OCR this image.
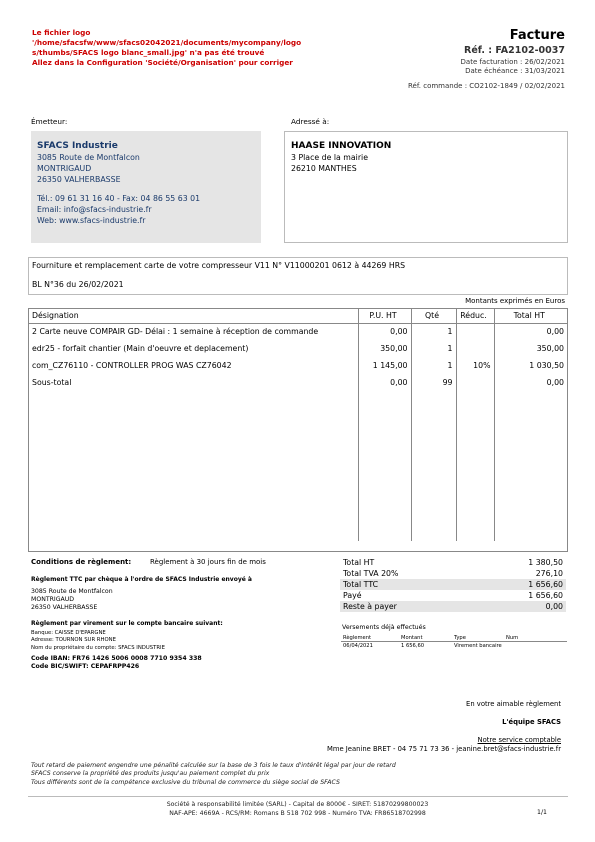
Le fichier logo '/home/sfacsfw/www/sfacs02042021/documents/mycompany/logo
s/thumbs/SFACS logo blanc_small.jpg' n'a pas été trouvé
Allez dans la Configuration 'Société/Organisation' pour corriger
Facture
Réf. : FA2102-0037
Date facturation : 26/02/2021
Date échéance : 31/03/2021
Réf. commande : CO2102-1849 / 02/02/2021
Émetteur:	Adressé à:
SFACS Industrie
3085 Route de Montfalcon
MONTRIGAUD
26350 VALHERBASSE
Tél.: 09 61 31 16 40 - Fax: 04 86 55 63 01
Email: info@sfacs-industrie.fr
Web: www.sfacs-industrie.fr
HAASE INNOVATION
3 Place de la mairie
26210 MANTHES
Fourniture et remplacement carte de votre compresseur V11 N° V11000201 0612 à 44269 HRS
BL N°36 du 26/02/2021
Montants exprimés en Euros
Désignation	P.U. HT	Qté	Réduc.	Total HT
2 Carte neuve COMPAIR GD- Délai : 1 semaine à réception de commande	0,00	1		0,00
edr25 - forfait chantier (Main d'oeuvre et deplacement)	350,00	1		350,00
com_CZ76110 - CONTROLLER PROG WAS CZ76042	1 145,00	1	10%	1 030,50
Sous-total	0,00	99		0,00

Conditions de règlement:	Règlement à 30 jours fin de mois
Règlement TTC par chèque à l'ordre de SFACS Industrie envoyé à
3085 Route de Montfalcon
MONTRIGAUD
26350 VALHERBASSE
Règlement par virement sur le compte bancaire suivant:
Banque: CAISSE D'EPARGNE
Adresse: TOURNON SUR RHONE
Nom du propriétaire du compte: SFACS INDUSTRIE
Code IBAN: FR76 1426 5006 0008 7710 9354 338
Code BIC/SWIFT: CEPAFRPP426
Total HT	1 380,50
Total TVA 20%	276,10
Total TTC	1 656,60
Payé	1 656,60
Reste à payer	0,00
Versements déjà effectués
Règlement	Montant	Type	Num
06/04/2021	1 656,60	Virement bancaire
En votre aimable règlement
L'équipe SFACS
Notre service comptable
Mme Jeanine BRET - 04 75 71 73 36 - jeanine.bret@sfacs-industrie.fr
Tout retard de paiement engendre une pénalité calculée sur la base de 3 fois le taux d'intérêt légal par jour de retard
SFACS conserve la propriété des produits jusqu'au paiement complet du prix
Tous différents sont de la compétence exclusive du tribunal de commerce du siège social de SFACS
Société à responsabilité limitée (SARL) - Capital de 8000€ - SIRET: 51870299800023
NAF-APE: 4669A - RCS/RM: Romans B 518 702 998 - Numéro TVA: FR86518702998	1/1
